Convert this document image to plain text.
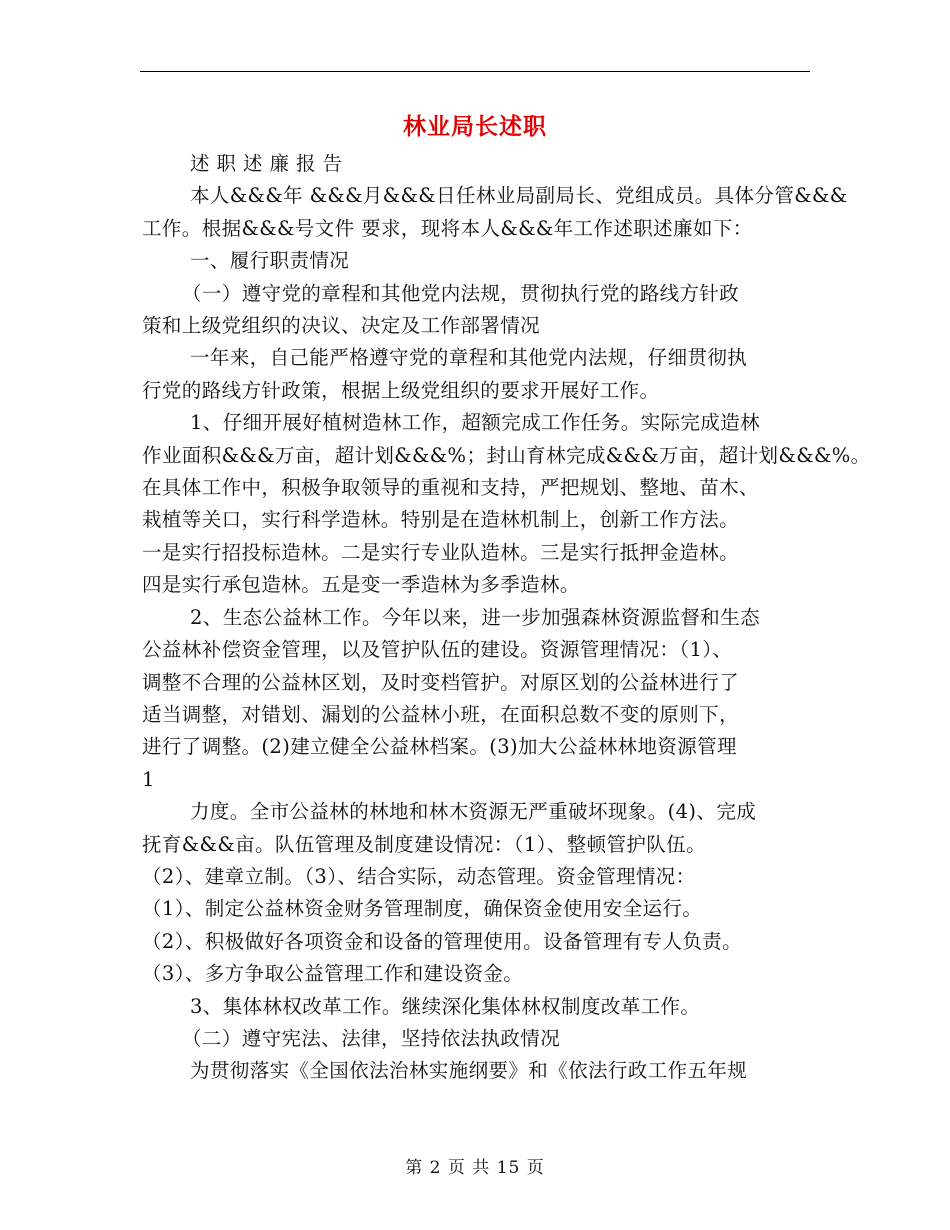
林业局长述职

述 职 述 廉 报 告

本人&&&年 &&&月&&&日任林业局副局长、党组成员。具体分管&&&

工作。根据&&&号文件 要求，现将本人&&&年工作述职述廉如下：

一、履行职责情况

（一）遵守党的章程和其他党内法规，贯彻执行党的路线方针政

策和上级党组织的决议、决定及工作部署情况

一年来，自己能严格遵守党的章程和其他党内法规，仔细贯彻执

行党的路线方针政策，根据上级党组织的要求开展好工作。

1、仔细开展好植树造林工作，超额完成工作任务。实际完成造林

作业面积&&&万亩，超计划&&&%；封山育林完成&&&万亩，超计划&&&%。

在具体工作中，积极争取领导的重视和支持，严把规划、整地、苗木、

栽植等关口，实行科学造林。特别是在造林机制上，创新工作方法。

一是实行招投标造林。二是实行专业队造林。三是实行抵押金造林。

四是实行承包造林。五是变一季造林为多季造林。

2、生态公益林工作。今年以来，进一步加强森林资源监督和生态

公益林补偿资金管理，以及管护队伍的建设。资源管理情况：（1）、

调整不合理的公益林区划，及时变档管护。对原区划的公益林进行了

适当调整，对错划、漏划的公益林小班，在面积总数不变的原则下，

进行了调整。(2)建立健全公益林档案。(3)加大公益林林地资源管理

1

力度。全市公益林的林地和林木资源无严重破坏现象。(4)、完成

抚育&&&亩。队伍管理及制度建设情况：（1）、整顿管护队伍。

（2）、建章立制。（3）、结合实际，动态管理。资金管理情况：

（1）、制定公益林资金财务管理制度，确保资金使用安全运行。

（2）、积极做好各项资金和设备的管理使用。设备管理有专人负责。

（3）、多方争取公益管理工作和建设资金。

3、集体林权改革工作。继续深化集体林权制度改革工作。

（二）遵守宪法、法律，坚持依法执政情况

为贯彻落实《全国依法治林实施纲要》和《依法行政工作五年规

第 2 页 共 15 页
